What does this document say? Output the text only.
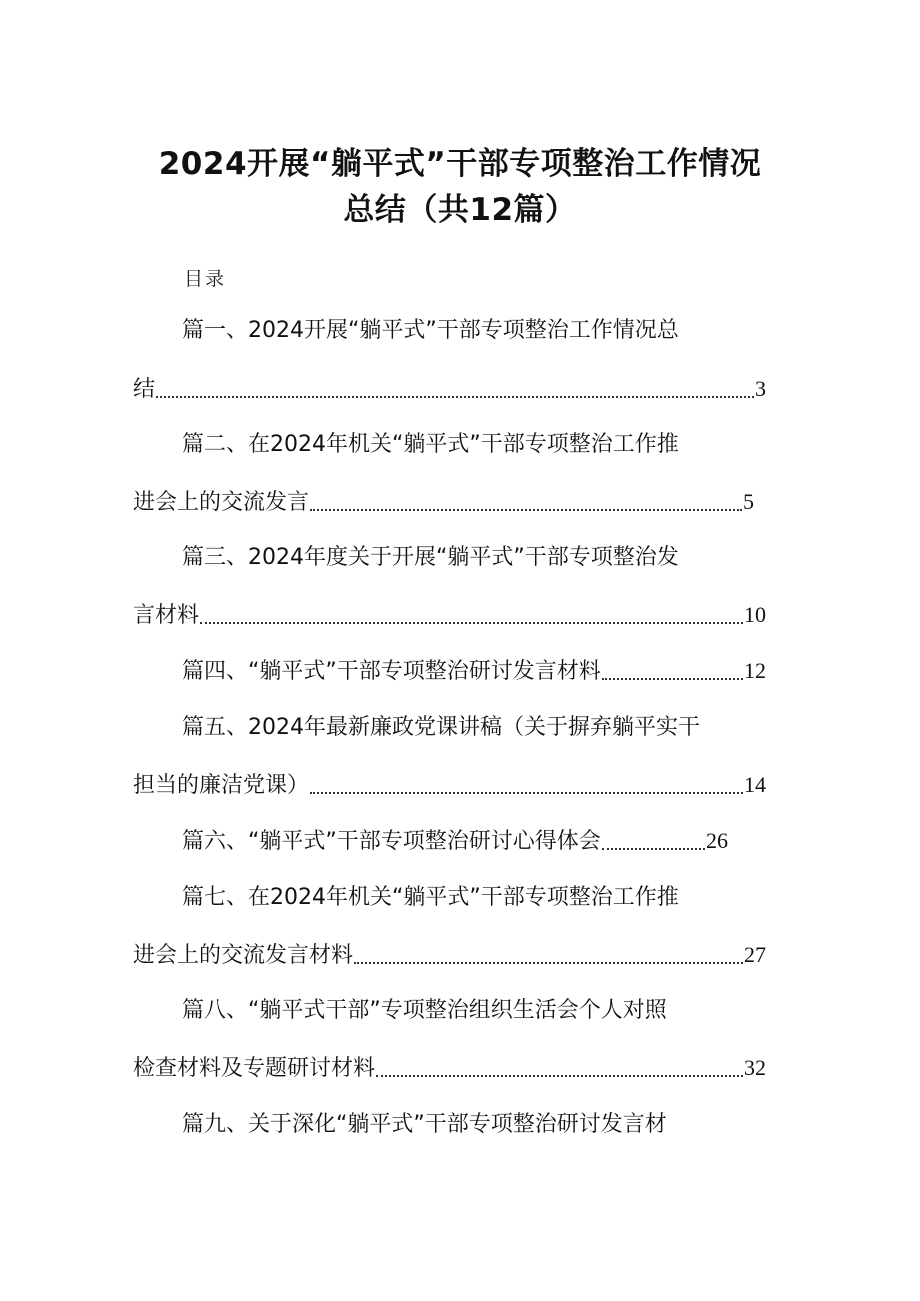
2024开展“躺平式”干部专项整治工作情况
总结（共12篇）
目录
篇一、2024开展“躺平式”干部专项整治工作情况总
结	3
篇二、在2024年机关“躺平式”干部专项整治工作推
进会上的交流发言	5
篇三、2024年度关于开展“躺平式”干部专项整治发
言材料	10
篇四、“躺平式”干部专项整治研讨发言材料	12
篇五、2024年最新廉政党课讲稿（关于摒弃躺平实干
担当的廉洁党课）	14
篇六、“躺平式”干部专项整治研讨心得体会	26
篇七、在2024年机关“躺平式”干部专项整治工作推
进会上的交流发言材料	27
篇八、“躺平式干部”专项整治组织生活会个人对照
检查材料及专题研讨材料	32
篇九、关于深化“躺平式”干部专项整治研讨发言材
